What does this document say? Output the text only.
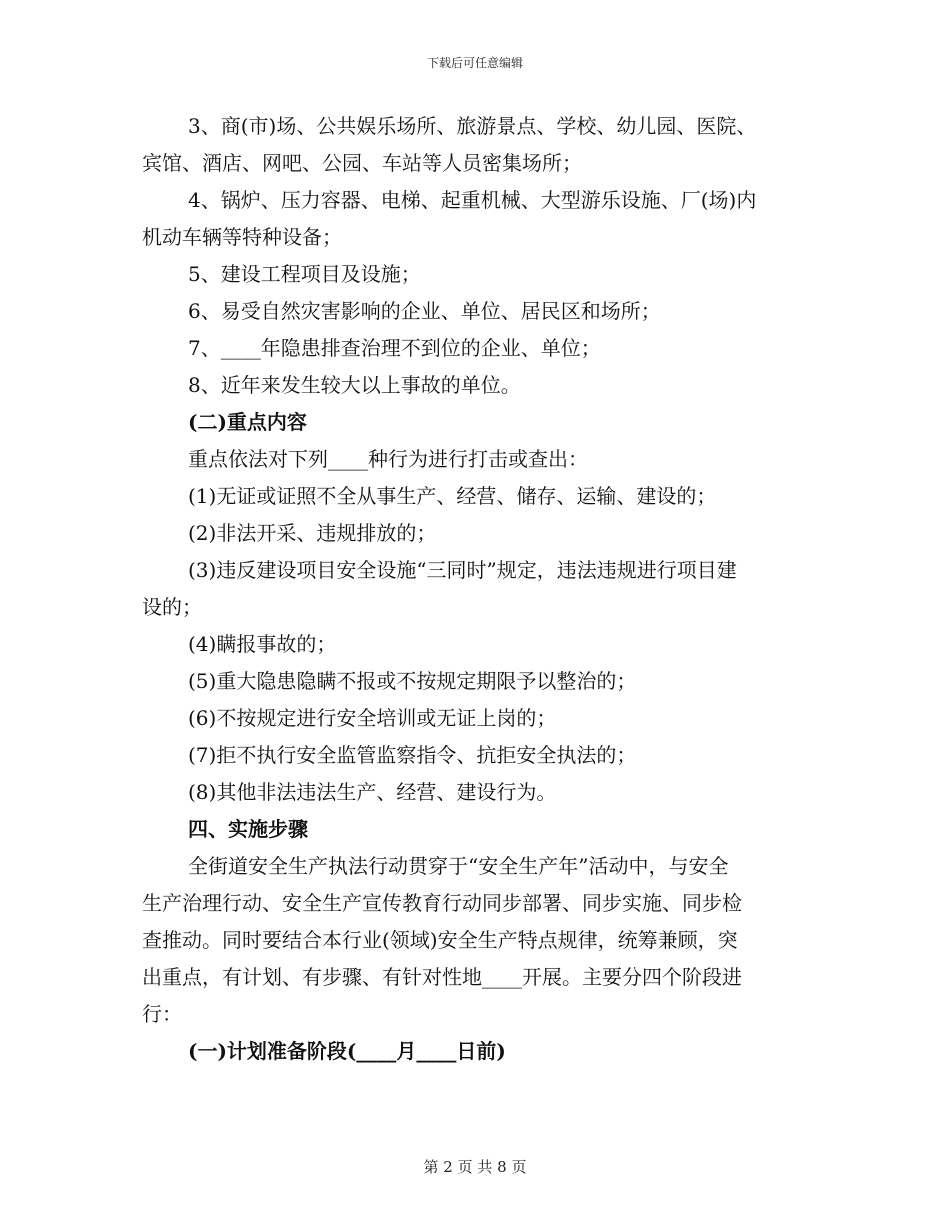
下载后可任意编辑

3、商(市)场、公共娱乐场所、旅游景点、学校、幼儿园、医院、

宾馆、酒店、网吧、公园、车站等人员密集场所；

4、锅炉、压力容器、电梯、起重机械、大型游乐设施、厂(场)内

机动车辆等特种设备；

5、建设工程项目及设施；

6、易受自然灾害影响的企业、单位、居民区和场所；

7、____年隐患排查治理不到位的企业、单位；

8、近年来发生较大以上事故的单位。

(二)重点内容

重点依法对下列____种行为进行打击或查出：

(1)无证或证照不全从事生产、经营、储存、运输、建设的；

(2)非法开采、违规排放的；

(3)违反建设项目安全设施“三同时”规定，违法违规进行项目建

设的；

(4)瞒报事故的；

(5)重大隐患隐瞒不报或不按规定期限予以整治的；

(6)不按规定进行安全培训或无证上岗的；

(7)拒不执行安全监管监察指令、抗拒安全执法的；

(8)其他非法违法生产、经营、建设行为。

四、实施步骤

全街道安全生产执法行动贯穿于“安全生产年”活动中，与安全

生产治理行动、安全生产宣传教育行动同步部署、同步实施、同步检

查推动。同时要结合本行业(领域)安全生产特点规律，统筹兼顾，突

出重点，有计划、有步骤、有针对性地____开展。主要分四个阶段进

行：

(一)计划准备阶段(____月____日前)

第 2 页 共 8 页
